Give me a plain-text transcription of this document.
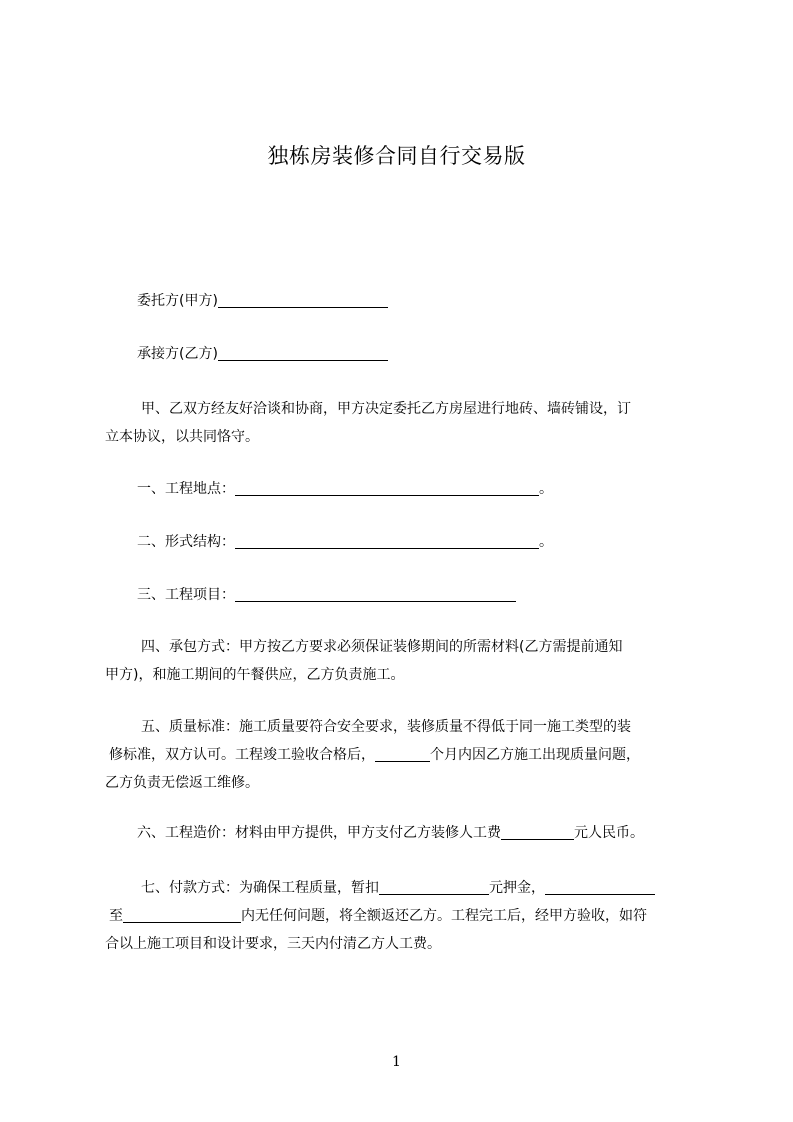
独栋房装修合同自行交易版

委托方(甲方)

承接方(乙方)

甲、乙双方经友好洽谈和协商，甲方决定委托乙方房屋进行地砖、墙砖铺设，订
立本协议，以共同恪守。

一、工程地点：	。

二、形式结构：	。

三、工程项目：

四、承包方式：甲方按乙方要求必须保证装修期间的所需材料(乙方需提前通知
甲方)，和施工期间的午餐供应，乙方负责施工。
五、质量标准：施工质量要符合安全要求，装修质量不得低于同一施工类型的装
修标准，双方认可。工程竣工验收合格后，	个月内因乙方施工出现质量问题，
乙方负责无偿返工维修。

六、工程造价：材料由甲方提供，甲方支付乙方装修人工费	元人民币。

七、付款方式：为确保工程质量，暂扣	元押金，
至	内无任何问题，将全额返还乙方。工程完工后，经甲方验收，如符
合以上施工项目和设计要求，三天内付清乙方人工费。
1
